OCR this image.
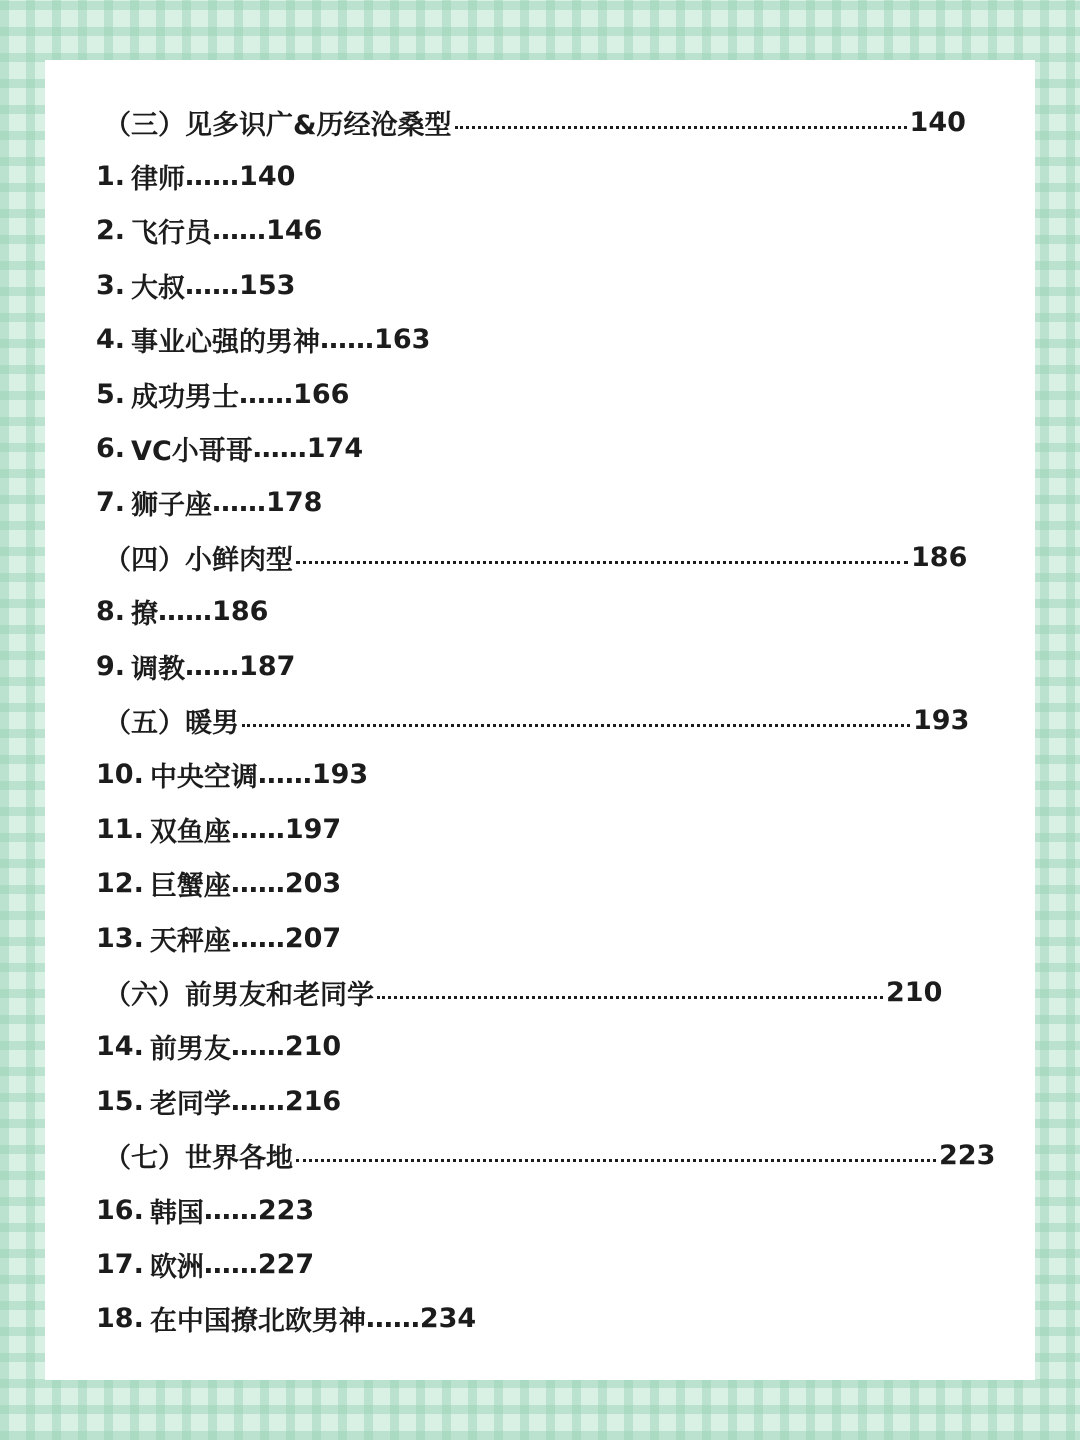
（三）见多识广&历经沧桑型	140
1. 律师 …… 140
2. 飞行员 …… 146
3. 大叔 …… 153
4. 事业心强的男神 …… 163
5. 成功男士 …… 166
6. VC小哥哥 …… 174
7. 狮子座 …… 178
（四）小鲜肉型	186
8. 撩 …… 186
9. 调教 …… 187
（五）暖男	193
10. 中央空调 …… 193
11. 双鱼座 …… 197
12. 巨蟹座 …… 203
13. 天秤座 …… 207
（六）前男友和老同学	210
14. 前男友 …… 210
15. 老同学 …… 216
（七）世界各地	223
16. 韩国 …… 223
17. 欧洲 …… 227
18. 在中国撩北欧男神 …… 234
